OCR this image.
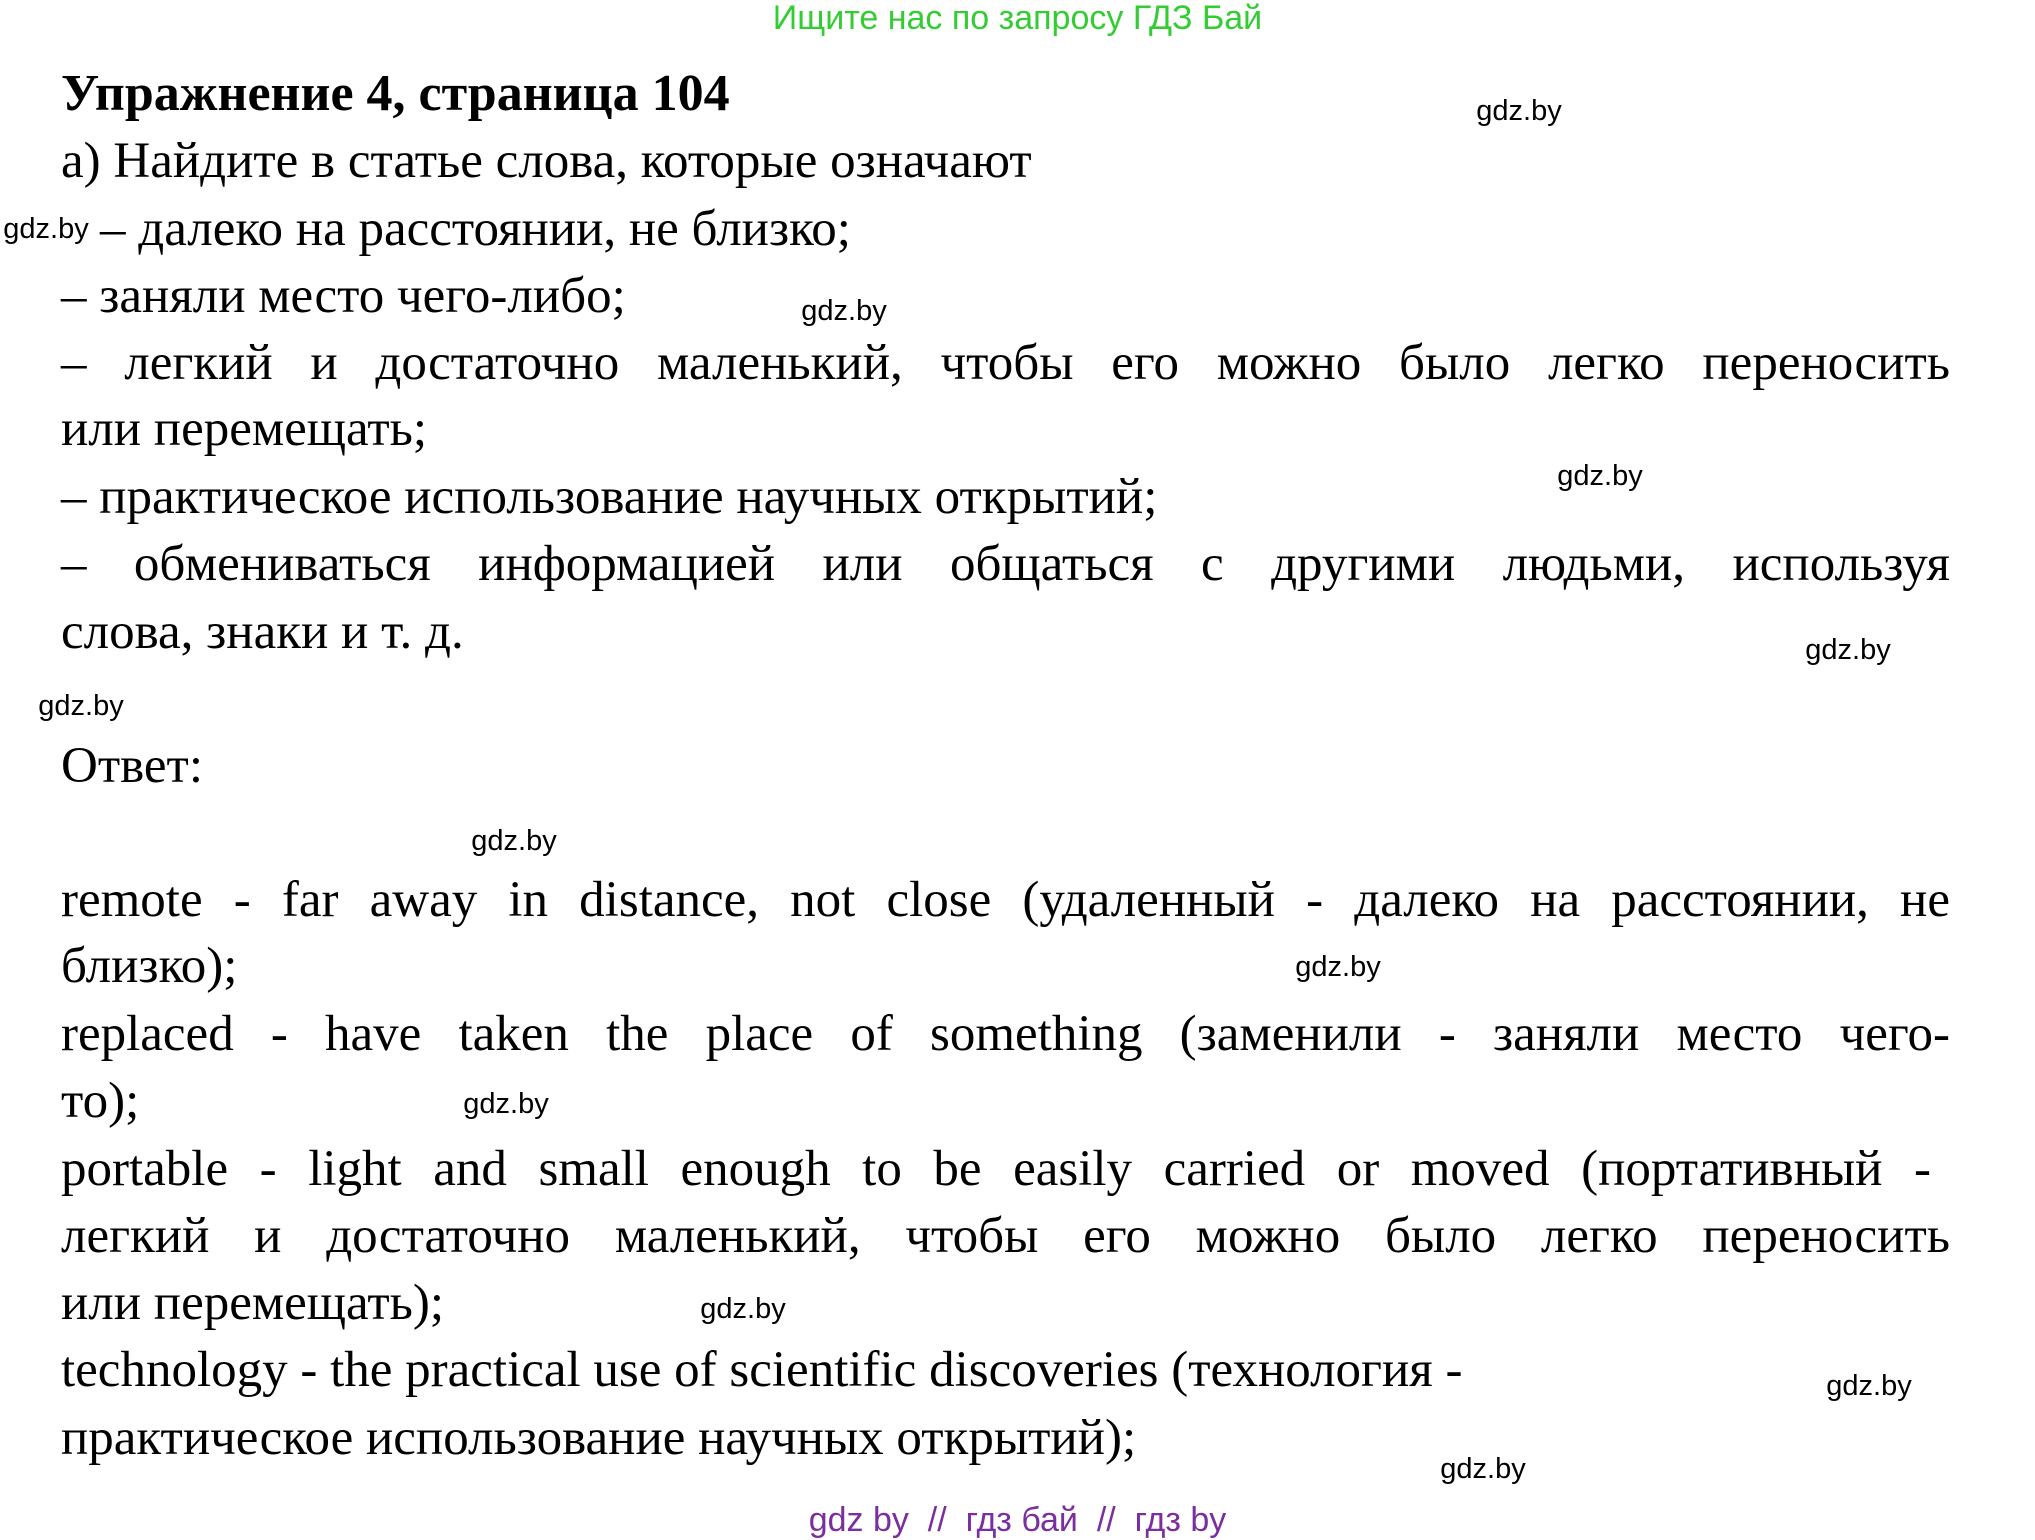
Ищите нас по запросу ГДЗ Бай
Упражнение 4, страница 104
а) Найдите в статье слова, которые означают
– далеко на расстоянии, не близко;
– заняли место чего-либо;
– легкий и достаточно маленький, чтобы его можно было легко переносить
или перемещать;
– практическое использование научных открытий;
– обмениваться информацией или общаться с другими людьми, используя
слова, знаки и т. д.
Ответ:
remote - far away in distance, not close (удаленный - далеко на расстоянии, не
близко);
replaced - have taken the place of something (заменили - заняли место чего-
то);
portable - light and small enough to be easily carried or moved (портативный -
легкий и достаточно маленький, чтобы его можно было легко переносить
или перемещать);
technology - the practical use of scientific discoveries (технология -
практическое использование научных открытий);
gdz.by
gdz.by
gdz.by
gdz.by
gdz.by
gdz.by
gdz.by
gdz.by
gdz.by
gdz.by
gdz.by
gdz.by
gdz by  //  гдз бай  //  гдз by
